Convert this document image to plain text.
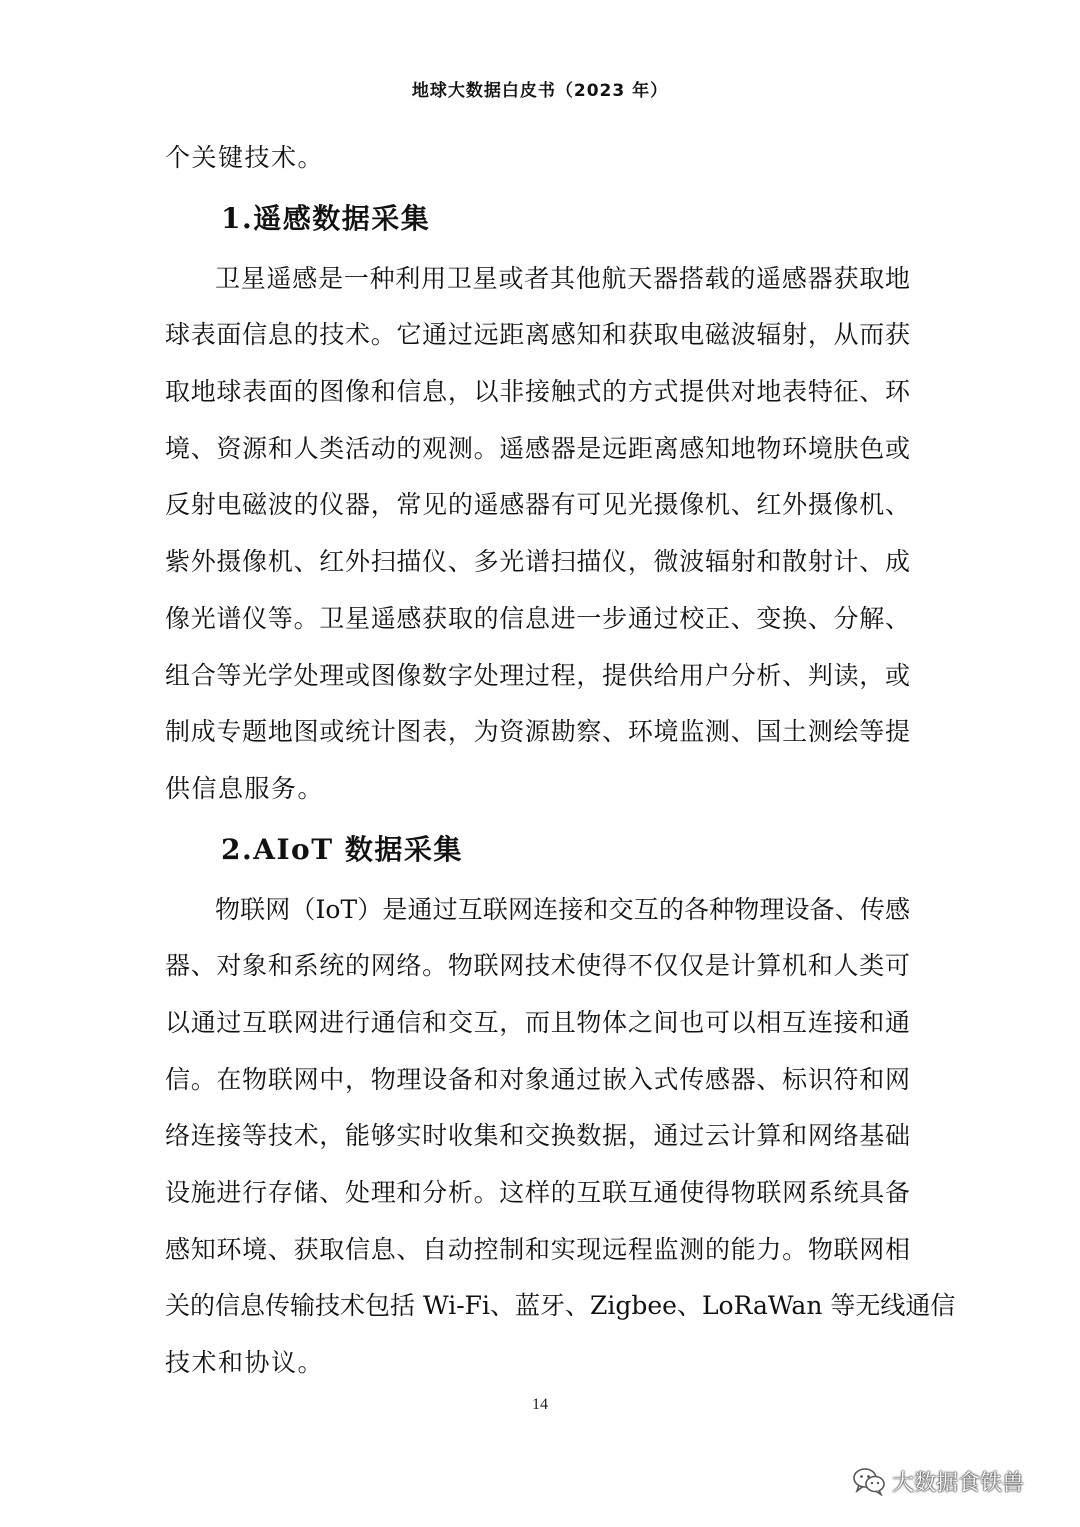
地球大数据白皮书（2023 年）
个关键技术。
1.遥感数据采集
卫星遥感是一种利用卫星或者其他航天器搭载的遥感器获取地
球表面信息的技术。它通过远距离感知和获取电磁波辐射，从而获
取地球表面的图像和信息，以非接触式的方式提供对地表特征、环
境、资源和人类活动的观测。遥感器是远距离感知地物环境肤色或
反射电磁波的仪器，常见的遥感器有可见光摄像机、红外摄像机、
紫外摄像机、红外扫描仪、多光谱扫描仪，微波辐射和散射计、成
像光谱仪等。卫星遥感获取的信息进一步通过校正、变换、分解、
组合等光学处理或图像数字处理过程，提供给用户分析、判读，或
制成专题地图或统计图表，为资源勘察、环境监测、国土测绘等提
供信息服务。
2.AIoT 数据采集
物联网（IoT）是通过互联网连接和交互的各种物理设备、传感
器、对象和系统的网络。物联网技术使得不仅仅是计算机和人类可
以通过互联网进行通信和交互，而且物体之间也可以相互连接和通
信。在物联网中，物理设备和对象通过嵌入式传感器、标识符和网
络连接等技术，能够实时收集和交换数据，通过云计算和网络基础
设施进行存储、处理和分析。这样的互联互通使得物联网系统具备
感知环境、获取信息、自动控制和实现远程监测的能力。物联网相
关的信息传输技术包括 Wi-Fi、蓝牙、Zigbee、LoRaWan 等无线通信
技术和协议。
14
大数据食铁兽
